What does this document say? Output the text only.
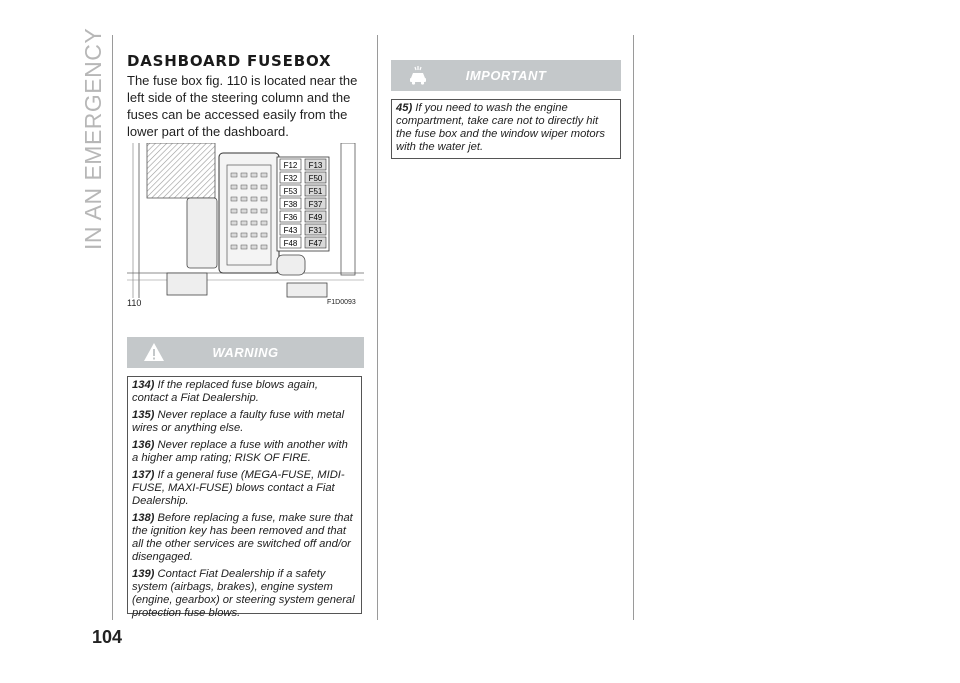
IN AN EMERGENCY
104
DASHBOARD FUSEBOX
The fuse box fig. 110 is located near the left side of the steering column and the fuses can be accessed easily from the lower part of the dashboard.
F12
F32
F53
F38
F36
F43
F48
F13
F50
F51
F37
F49
F31
F47
110	F1D0093
WARNING

134) If the replaced fuse blows again, contact a Fiat Dealership.

135) Never replace a faulty fuse with metal wires or anything else.

136) Never replace a fuse with another with a higher amp rating; RISK OF FIRE.

137) If a general fuse (MEGA-FUSE, MIDI-FUSE, MAXI-FUSE) blows contact a Fiat Dealership.

138) Before replacing a fuse, make sure that the ignition key has been removed and that all the other services are switched off and/or disengaged.

139) Contact Fiat Dealership if a safety system (airbags, brakes), engine system (engine, gearbox) or steering system general protection fuse blows.

IMPORTANT

45) If you need to wash the engine compartment, take care not to directly hit the fuse box and the window wiper motors with the water jet.
